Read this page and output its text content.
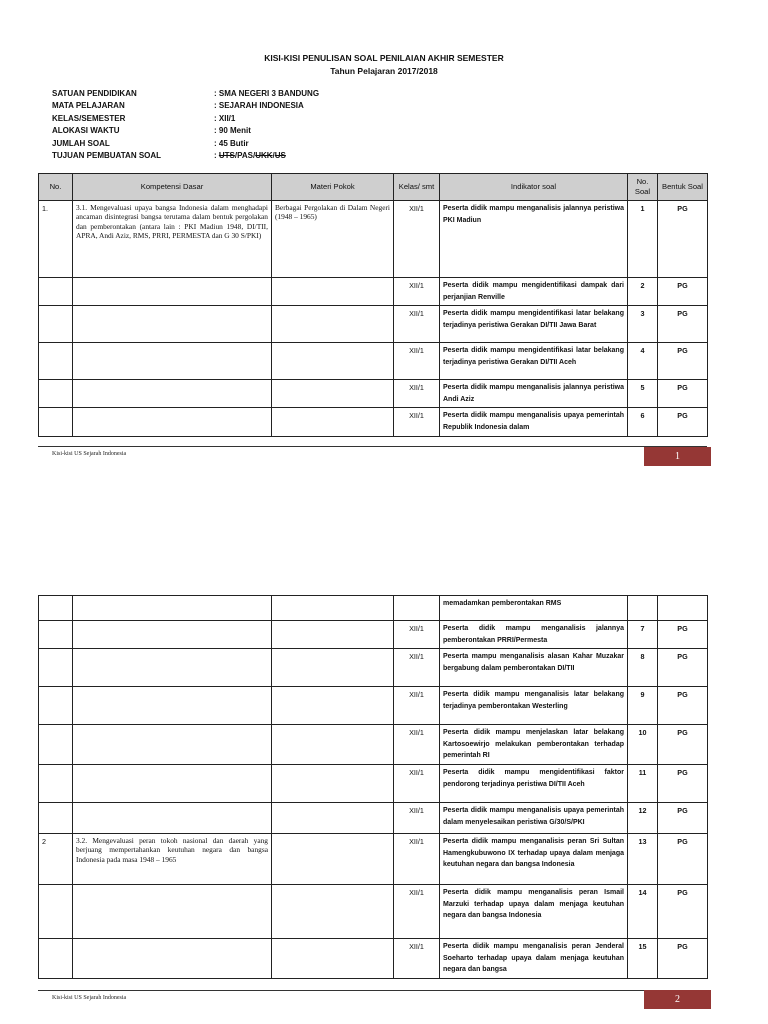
KISI-KISI PENULISAN SOAL PENILAIAN AKHIR SEMESTER
Tahun Pelajaran 2017/2018
SATUAN PENDIDIKAN	: SMA NEGERI 3 BANDUNG
MATA PELAJARAN	: SEJARAH INDONESIA
KELAS/SEMESTER	: XII/1
ALOKASI WAKTU	: 90 Menit
JUMLAH SOAL	: 45 Butir
TUJUAN PEMBUATAN SOAL	: UTS/PAS/UKK/US
No.	Kompetensi Dasar	Materi Pokok	Kelas/ smt	Indikator soal	No. Soal	Bentuk Soal
1.	3.1. Mengevaluasi upaya bangsa Indonesia dalam menghadapi ancaman disintegrasi bangsa terutama dalam bentuk pergolakan dan pemberontakan (antara lain : PKI Madiun 1948, DI/TII, APRA, Andi Aziz, RMS, PRRI, PERMESTA dan G 30 S/PKI)	Berbagai Pergolakan di Dalam Negeri (1948 – 1965)	XII/1	Peserta didik mampu menganalisis jalannya peristiwa PKI Madiun	1	PG
			XII/1	Peserta didik mampu mengidentifikasi dampak dari perjanjian Renville	2	PG
			XII/1	Peserta didik mampu mengidentifikasi latar belakang terjadinya peristiwa Gerakan DI/TII Jawa Barat	3	PG
			XII/1	Peserta didik mampu mengidentifikasi latar belakang terjadinya peristiwa Gerakan DI/TII Aceh	4	PG
			XII/1	Peserta didik mampu menganalisis jalannya peristiwa Andi Aziz	5	PG
			XII/1	Peserta didik mampu menganalisis upaya pemerintah Republik Indonesia dalam	6	PG
Kisi-kisi US Sejarah Indonesia	1
				memadamkan pemberontakan RMS		
			XII/1	Peserta didik mampu menganalisis jalannya pemberontakan PRRI/Permesta	7	PG
			XII/1	Peserta mampu menganalisis alasan Kahar Muzakar bergabung dalam pemberontakan DI/TII	8	PG
			XII/1	Peserta didik mampu menganalisis latar belakang terjadinya pemberontakan Westerling	9	PG
			XII/1	Peserta didik mampu menjelaskan latar belakang Kartosoewirjo melakukan pemberontakan terhadap pemerintah RI	10	PG
			XII/1	Peserta didik mampu mengidentifikasi faktor pendorong terjadinya peristiwa DI/TII Aceh	11	PG
			XII/1	Peserta didik mampu menganalisis upaya pemerintah dalam menyelesaikan peristiwa G/30/S/PKI	12	PG
2	3.2. Mengevaluasi peran tokoh nasional dan daerah yang berjuang mempertahankan keutuhan negara dan bangsa Indonesia pada masa 1948 – 1965		XII/1	Peserta didik mampu menganalisis peran Sri Sultan Hamengkubuwono IX terhadap upaya dalam menjaga keutuhan negara dan bangsa Indonesia	13	PG
			XII/1	Peserta didik mampu menganalisis peran Ismail Marzuki terhadap upaya dalam menjaga keutuhan negara dan bangsa Indonesia	14	PG
			XII/1	Peserta didik mampu menganalisis peran Jenderal Soeharto terhadap upaya dalam menjaga keutuhan negara dan bangsa	15	PG
Kisi-kisi US Sejarah Indonesia	2
